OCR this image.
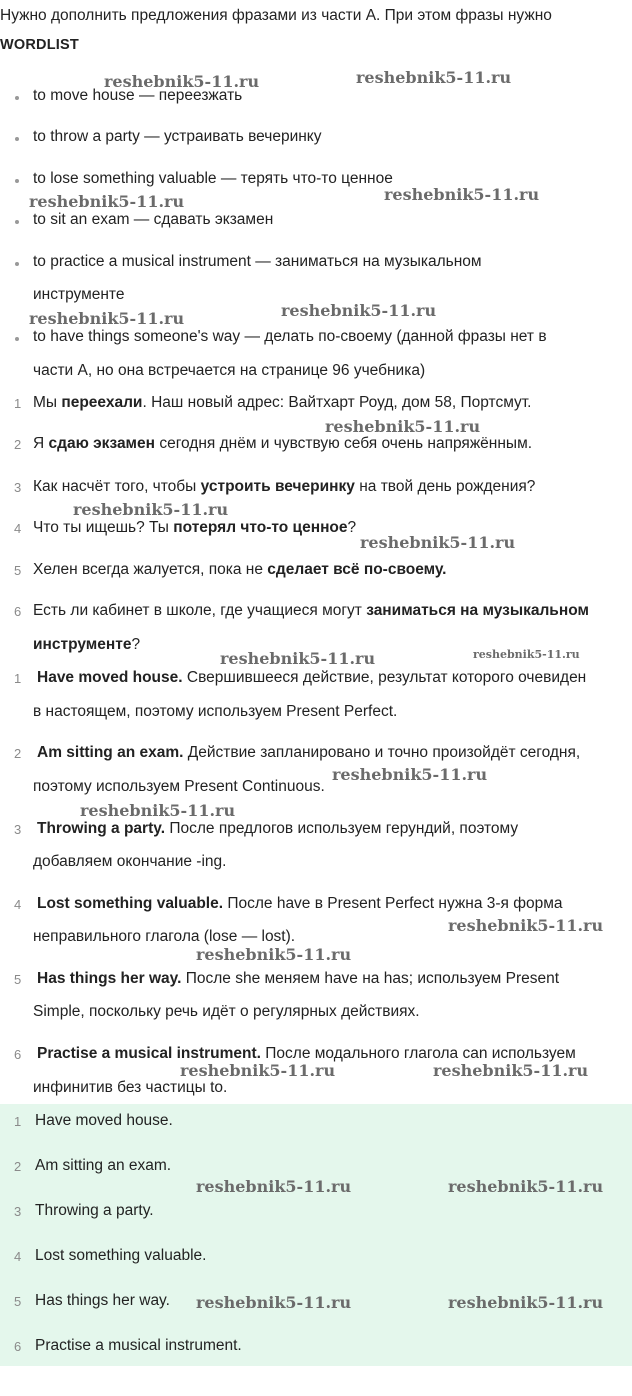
Нужно дополнить предложения фразами из части А. При этом фразы нужно
WORDLIST
to move house — переезжать
to throw a party — устраивать вечеринку
to lose something valuable — терять что-то ценное
to sit an exam — сдавать экзамен
to practice a musical instrument — заниматься на музыкальном
инструменте
to have things someone's way — делать по-своему (данной фразы нет в
части А, но она встречается на странице 96 учебника)
1 Мы переехали. Наш новый адрес: Вайтхарт Роуд, дом 58, Портсмут.
2 Я сдаю экзамен сегодня днём и чувствую себя очень напряжённым.
3 Как насчёт того, чтобы устроить вечеринку на твой день рождения?
4 Что ты ищешь? Ты потерял что-то ценное?
5 Хелен всегда жалуется, пока не сделает всё по-своему.
6 Есть ли кабинет в школе, где учащиеся могут заниматься на музыкальном
инструменте?
1 Have moved house. Свершившееся действие, результат которого очевиден
в настоящем, поэтому используем Present Perfect.
2 Am sitting an exam. Действие запланировано и точно произойдёт сегодня,
поэтому используем Present Continuous.
3 Throwing a party. После предлогов используем герундий, поэтому
добавляем окончание -ing.
4 Lost something valuable. После have в Present Perfect нужна 3-я форма
неправильного глагола (lose — lost).
5 Has things her way. После she меняем have на has; используем Present
Simple, поскольку речь идёт о регулярных действиях.
6 Practise a musical instrument. После модального глагола can используем
инфинитив без частицы to.
1 Have moved house.
2 Am sitting an exam.
3 Throwing a party.
4 Lost something valuable.
5 Has things her way.
6 Practise a musical instrument.
reshebnik5-11.ru	reshebnik5-11.ru
reshebnik5-11.ru	reshebnik5-11.ru
reshebnik5-11.ru
reshebnik5-11.ru
reshebnik5-11.ru
reshebnik5-11.ru
reshebnik5-11.ru
reshebnik5-11.ru	reshebnik5-11.ru
reshebnik5-11.ru
reshebnik5-11.ru
reshebnik5-11.ru
reshebnik5-11.ru
reshebnik5-11.ru	reshebnik5-11.ru
reshebnik5-11.ru	reshebnik5-11.ru
reshebnik5-11.ru	reshebnik5-11.ru
